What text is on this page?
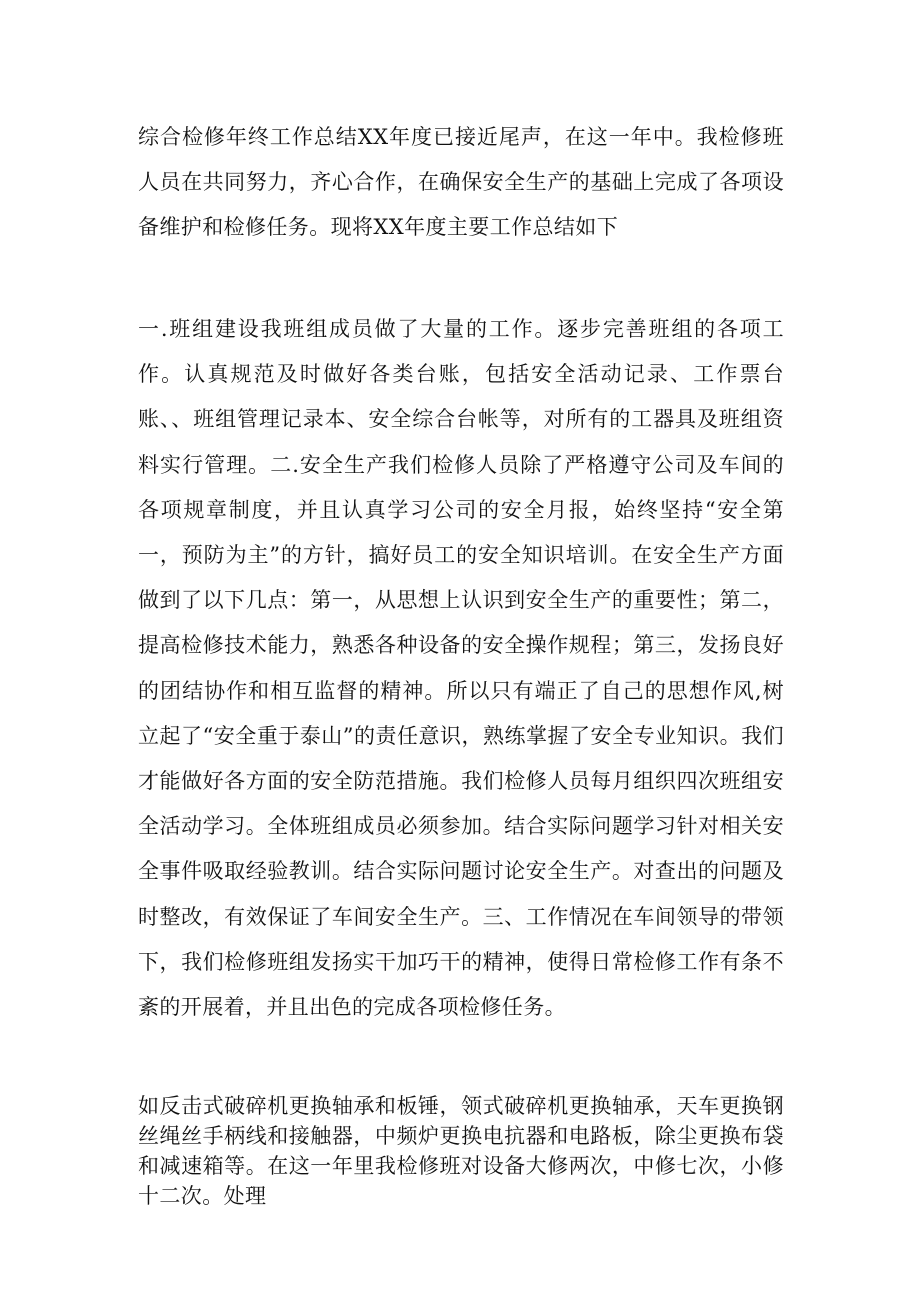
综合检修年终工作总结XX年度已接近尾声，在这一年中。我检修班人员在共同努力，齐心合作，在确保安全生产的基础上完成了各项设备维护和检修任务。现将XX年度主要工作总结如下

一.班组建设我班组成员做了大量的工作。逐步完善班组的各项工作。认真规范及时做好各类台账，包括安全活动记录、工作票台账、、班组管理记录本、安全综合台帐等，对所有的工器具及班组资料实行管理。二.安全生产我们检修人员除了严格遵守公司及车间的各项规章制度，并且认真学习公司的安全月报，始终坚持“安全第一，预防为主”的方针，搞好员工的安全知识培训。在安全生产方面做到了以下几点：第一，从思想上认识到安全生产的重要性；第二，提高检修技术能力，熟悉各种设备的安全操作规程；第三，发扬良好的团结协作和相互监督的精神。所以只有端正了自己的思想作风,树立起了“安全重于泰山”的责任意识，熟练掌握了安全专业知识。我们才能做好各方面的安全防范措施。我们检修人员每月组织四次班组安全活动学习。全体班组成员必须参加。结合实际问题学习针对相关安全事件吸取经验教训。结合实际问题讨论安全生产。对查出的问题及时整改，有效保证了车间安全生产。三、工作情况在车间领导的带领下，我们检修班组发扬实干加巧干的精神，使得日常检修工作有条不紊的开展着，并且出色的完成各项检修任务。

如反击式破碎机更换轴承和板锤，领式破碎机更换轴承，天车更换钢丝绳丝手柄线和接触器，中频炉更换电抗器和电路板，除尘更换布袋和减速箱等。在这一年里我检修班对设备大修两次，中修七次，小修十二次。处理
